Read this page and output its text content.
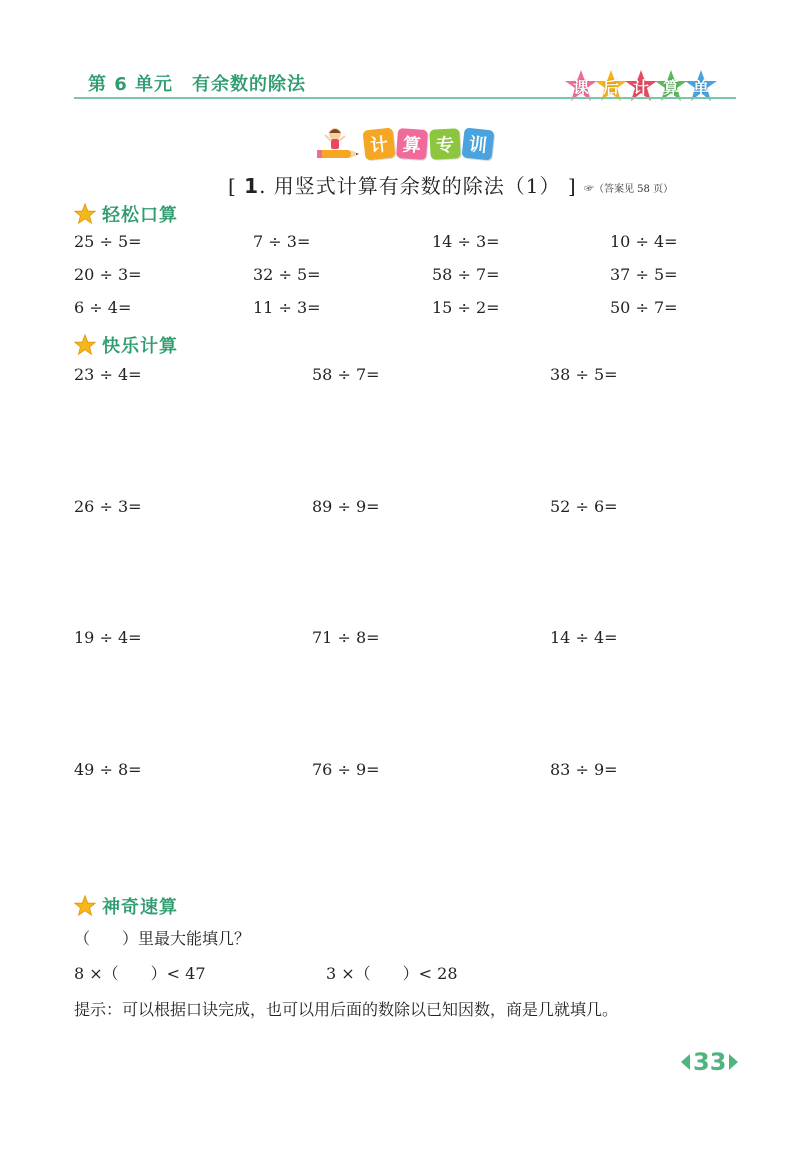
第 6 单元　有余数的除法	课 后 计 算 单
计 算 专 训
[ 1. 用竖式计算有余数的除法（1） ] ☞（答案见 58 页）
轻松口算
25 ÷ 5=	7 ÷ 3=	14 ÷ 3=	10 ÷ 4=
20 ÷ 3=	32 ÷ 5=	58 ÷ 7=	37 ÷ 5=
6 ÷ 4=	11 ÷ 3=	15 ÷ 2=	50 ÷ 7=
快乐计算
23 ÷ 4=	58 ÷ 7=	38 ÷ 5=
26 ÷ 3=	89 ÷ 9=	52 ÷ 6=
19 ÷ 4=	71 ÷ 8=	14 ÷ 4=
49 ÷ 8=	76 ÷ 9=	83 ÷ 9=
神奇速算
（　　）里最大能填几？
8 ×（　　）< 47	3 ×（　　）< 28
提示：可以根据口诀完成，也可以用后面的数除以已知因数，商是几就填几。
33
